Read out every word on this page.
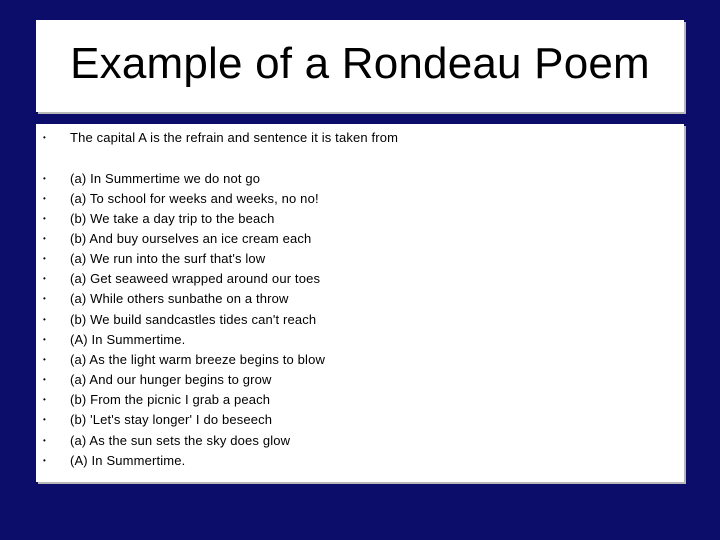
Example of a Rondeau Poem
• The capital A is the refrain and sentence it is taken from
• (a) In Summertime we do not go
• (a) To school for weeks and weeks, no no!
• (b) We take a day trip to the beach
• (b) And buy ourselves an ice cream each
• (a) We run into the surf that's low
• (a) Get seaweed wrapped around our toes
• (a) While others sunbathe on a throw
• (b) We build sandcastles tides can't reach
• (A) In Summertime.
• (a) As the light warm breeze begins to blow
• (a) And our hunger begins to grow
• (b) From the picnic I grab a peach
• (b) 'Let's stay longer' I do beseech
• (a) As the sun sets the sky does glow
• (A) In Summertime.
